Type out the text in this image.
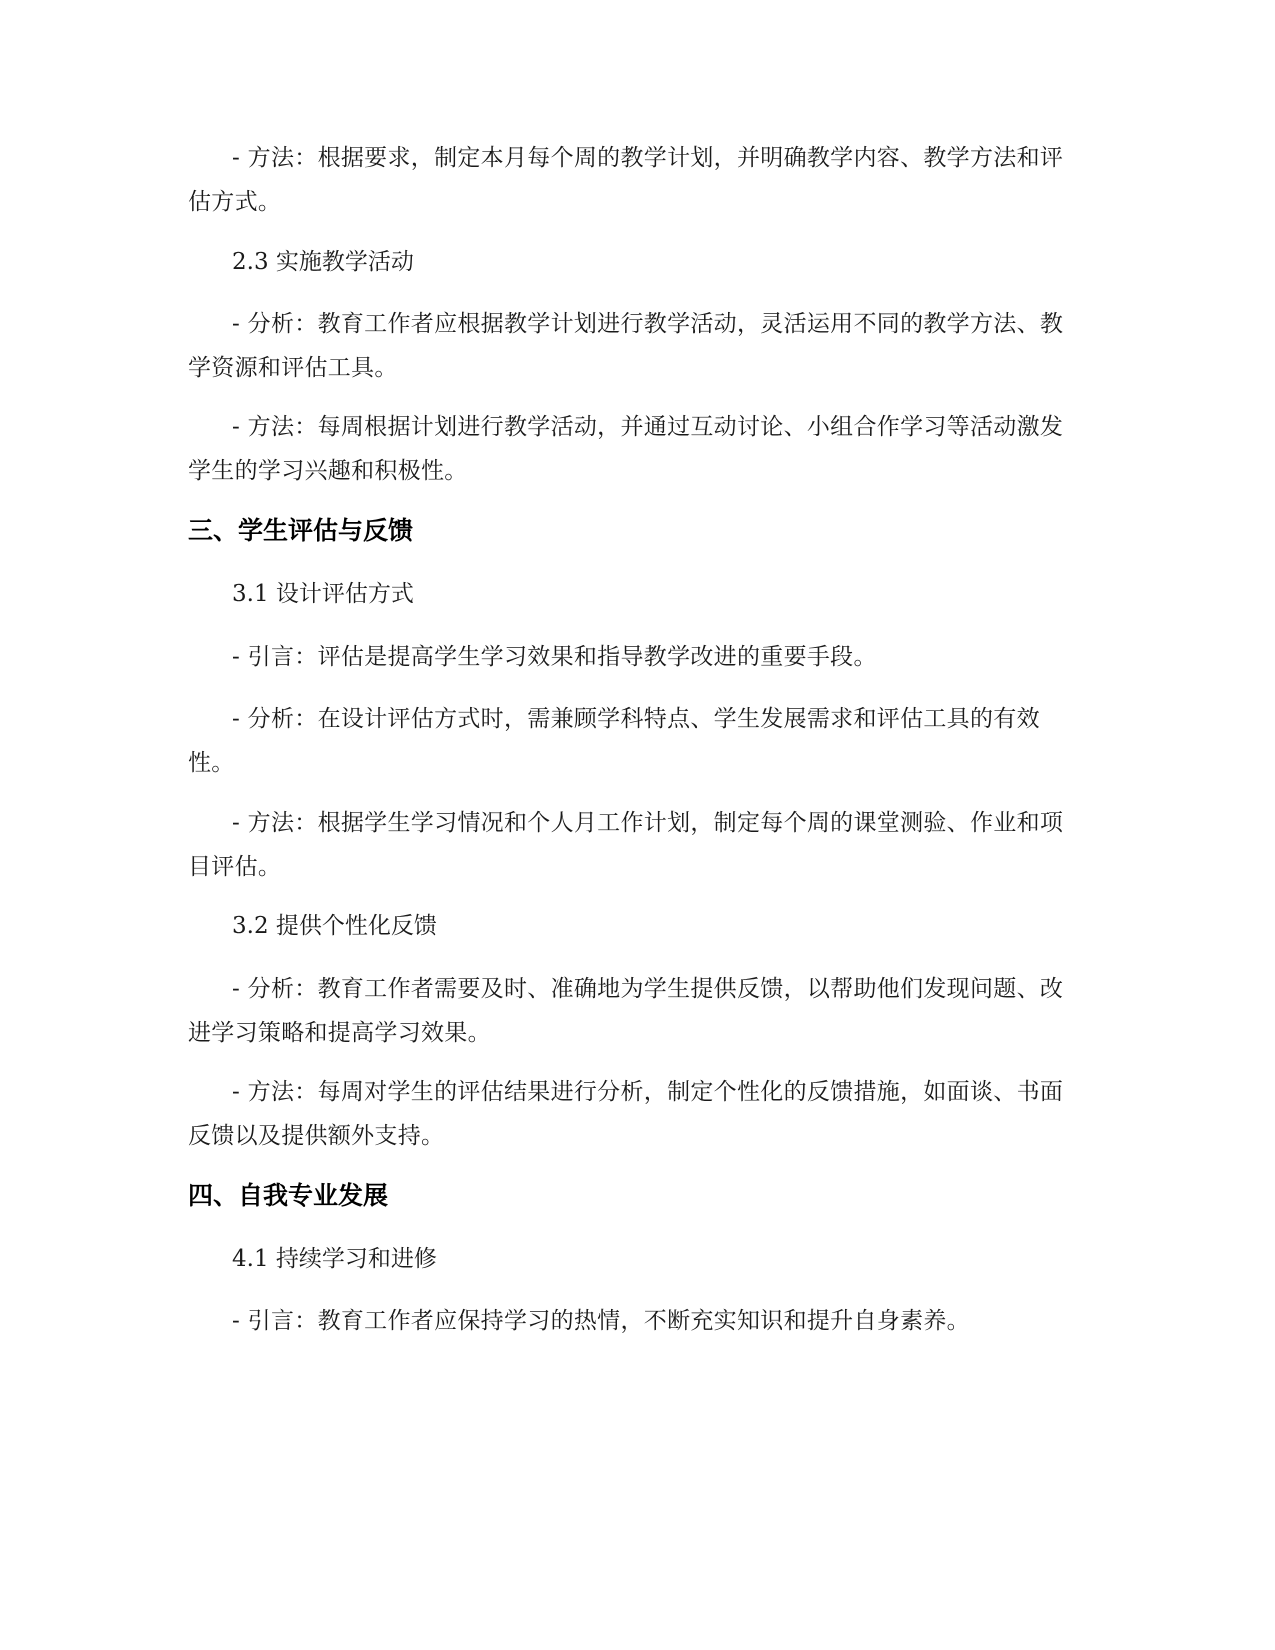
- 方法：根据要求，制定本月每个周的教学计划，并明确教学内容、教学方法和评估方式。

2.3 实施教学活动

- 分析：教育工作者应根据教学计划进行教学活动，灵活运用不同的教学方法、教学资源和评估工具。

- 方法：每周根据计划进行教学活动，并通过互动讨论、小组合作学习等活动激发学生的学习兴趣和积极性。

三、学生评估与反馈

3.1 设计评估方式

- 引言：评估是提高学生学习效果和指导教学改进的重要手段。

- 分析：在设计评估方式时，需兼顾学科特点、学生发展需求和评估工具的有效性。

- 方法：根据学生学习情况和个人月工作计划，制定每个周的课堂测验、作业和项目评估。

3.2 提供个性化反馈

- 分析：教育工作者需要及时、准确地为学生提供反馈，以帮助他们发现问题、改进学习策略和提高学习效果。

- 方法：每周对学生的评估结果进行分析，制定个性化的反馈措施，如面谈、书面反馈以及提供额外支持。

四、自我专业发展

4.1 持续学习和进修

- 引言：教育工作者应保持学习的热情，不断充实知识和提升自身素养。
